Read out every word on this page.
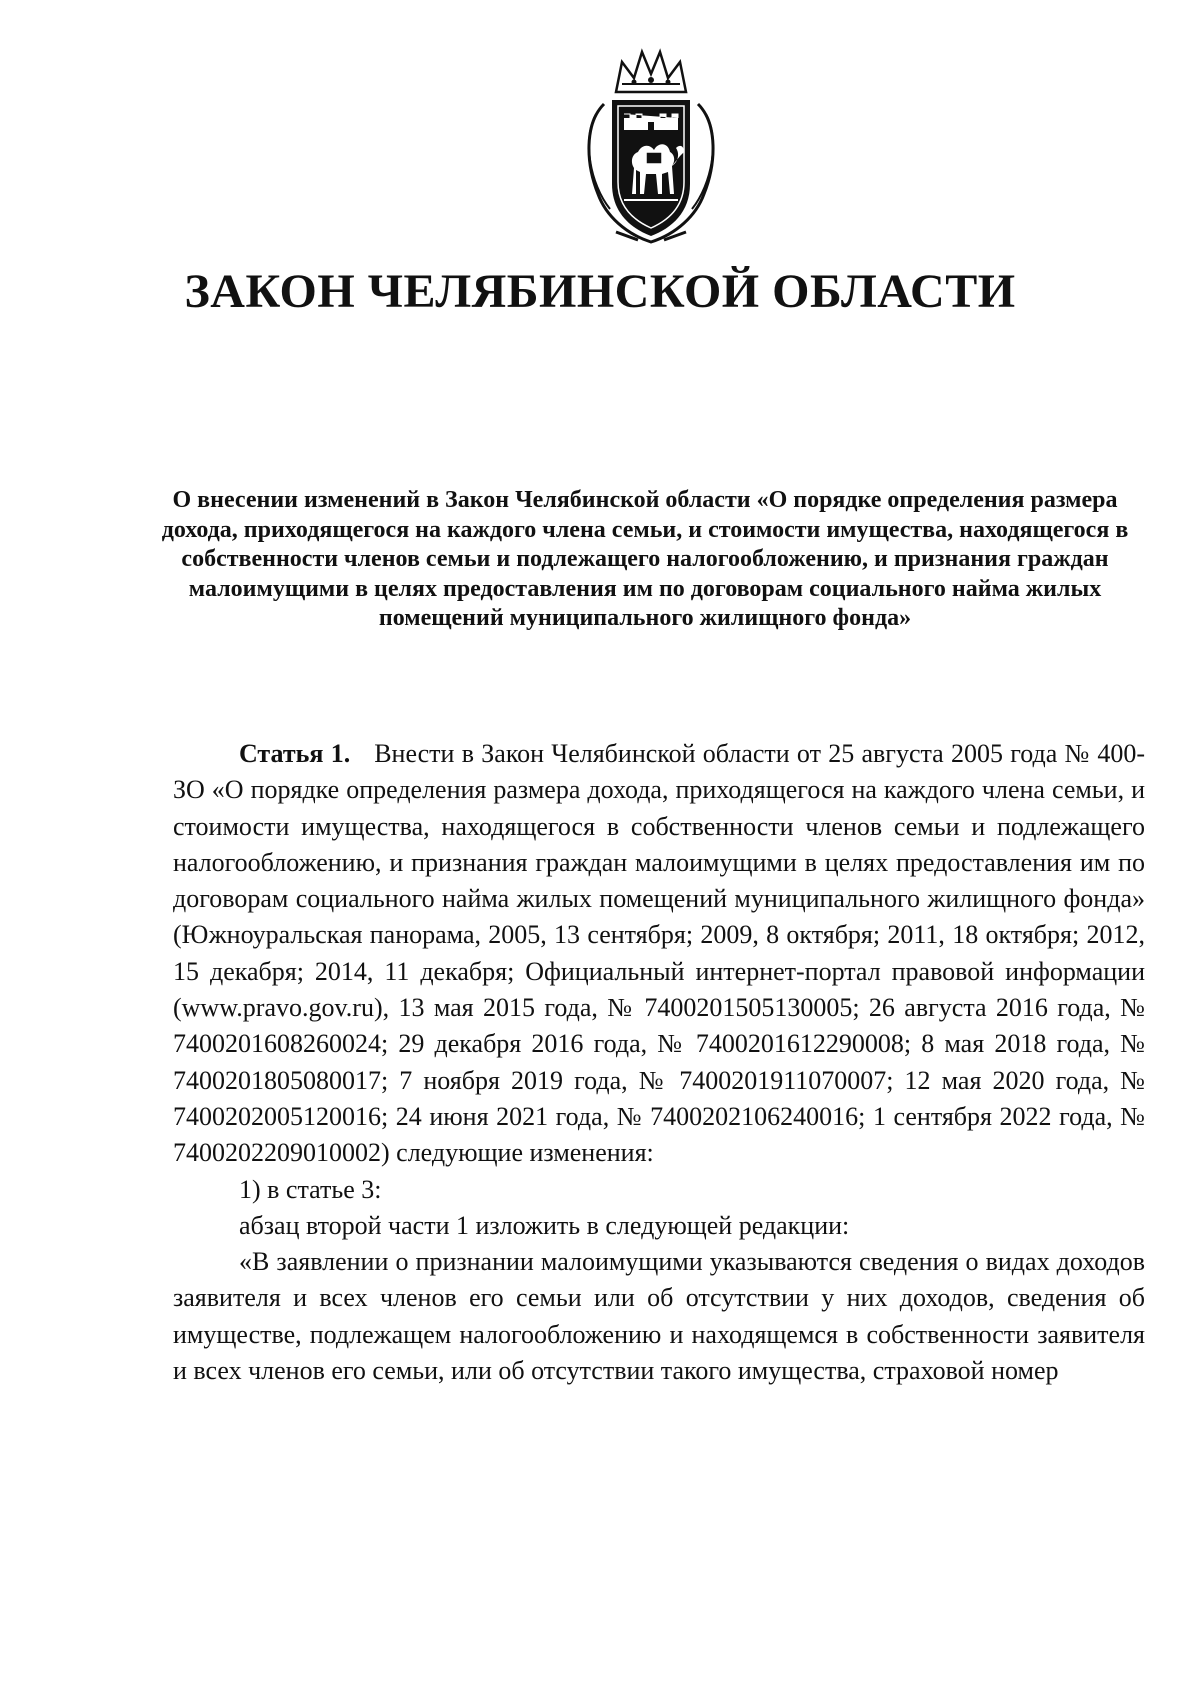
ЗАКОН ЧЕЛЯБИНСКОЙ ОБЛАСТИ
О внесении изменений в Закон Челябинской области «О порядке определения размера дохода, приходящегося на каждого члена семьи, и стоимости имущества, находящегося в собственности членов семьи и подлежащего налогообложению, и признания граждан малоимущими в целях предоставления им по договорам социального найма жилых помещений муниципального жилищного фонда»

Статья 1. Внести в Закон Челябинской области от 25 августа 2005 года № 400-ЗО «О порядке определения размера дохода, приходящегося на каждого члена семьи, и стоимости имущества, находящегося в собственности членов семьи и подлежащего налогообложению, и признания граждан малоимущими в целях предоставления им по договорам социального найма жилых помещений муниципального жилищного фонда» (Южноуральская панорама, 2005, 13 сентября; 2009, 8 октября; 2011, 18 октября; 2012, 15 декабря; 2014, 11 декабря; Официальный интернет-портал правовой информации (www.pravo.gov.ru), 13 мая 2015 года, № 7400201505130005; 26 августа 2016 года, № 7400201608260024; 29 декабря 2016 года, № 7400201612290008; 8 мая 2018 года, № 7400201805080017; 7 ноября 2019 года, № 7400201911070007; 12 мая 2020 года, № 7400202005120016; 24 июня 2021 года, № 7400202106240016; 1 сентября 2022 года, № 7400202209010002) следующие изменения:

1) в статье 3:

абзац второй части 1 изложить в следующей редакции:

«В заявлении о признании малоимущими указываются сведения о видах доходов заявителя и всех членов его семьи или об отсутствии у них доходов, сведения об имуществе, подлежащем налогообложению и находящемся в собственности заявителя и всех членов его семьи, или об отсутствии такого имущества, страховой номер
